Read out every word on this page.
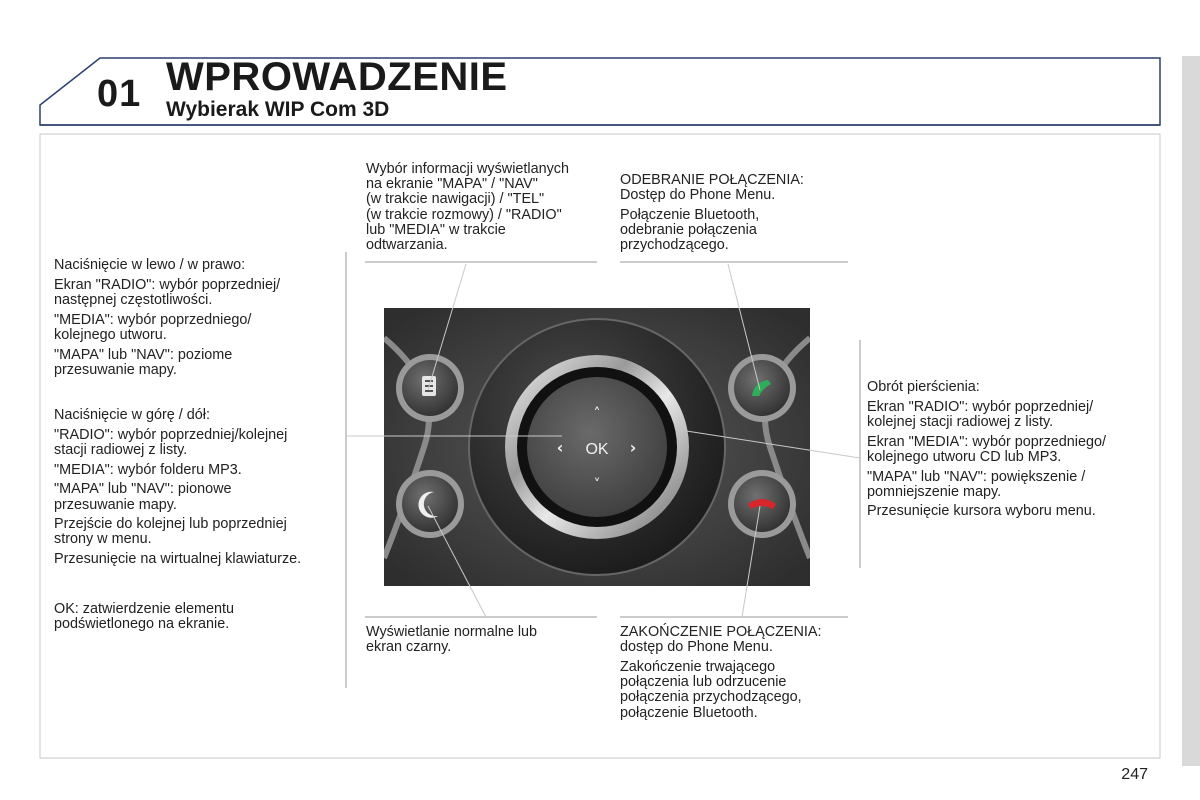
01 WPROWADZENIE
Wybierak WIP Com 3D
˄
˅
‹	›
OK

Naciśnięcie w lewo / w prawo:

Ekran "RADIO": wybór poprzedniej/
następnej częstotliwości.

"MEDIA": wybór poprzedniego/
kolejnego utworu.

"MAPA" lub "NAV": poziome
przesuwanie mapy.

Naciśnięcie w górę / dół:

"RADIO": wybór poprzedniej/kolejnej
stacji radiowej z listy.

"MEDIA": wybór folderu MP3.

"MAPA" lub "NAV": pionowe
przesuwanie mapy.

Przejście do kolejnej lub poprzedniej
strony w menu.

Przesunięcie na wirtualnej klawiaturze.

OK: zatwierdzenie elementu
podświetlonego na ekranie.

Wybór informacji wyświetlanych
na ekranie "MAPA" / "NAV"
(w trakcie nawigacji) / "TEL"
(w trakcie rozmowy) / "RADIO"
lub "MEDIA" w trakcie
odtwarzania.

ODEBRANIE POŁĄCZENIA:
Dostęp do Phone Menu.

Połączenie Bluetooth,
odebranie połączenia
przychodzącego.

Obrót pierścienia:

Ekran "RADIO": wybór poprzedniej/
kolejnej stacji radiowej z listy.

Ekran "MEDIA": wybór poprzedniego/
kolejnego utworu CD lub MP3.

"MAPA" lub "NAV": powiększenie /
pomniejszenie mapy.

Przesunięcie kursora wyboru menu.

Wyświetlanie normalne lub
ekran czarny.

ZAKOŃCZENIE POŁĄCZENIA:
dostęp do Phone Menu.

Zakończenie trwającego
połączenia lub odrzucenie
połączenia przychodzącego,
połączenie Bluetooth.

247
